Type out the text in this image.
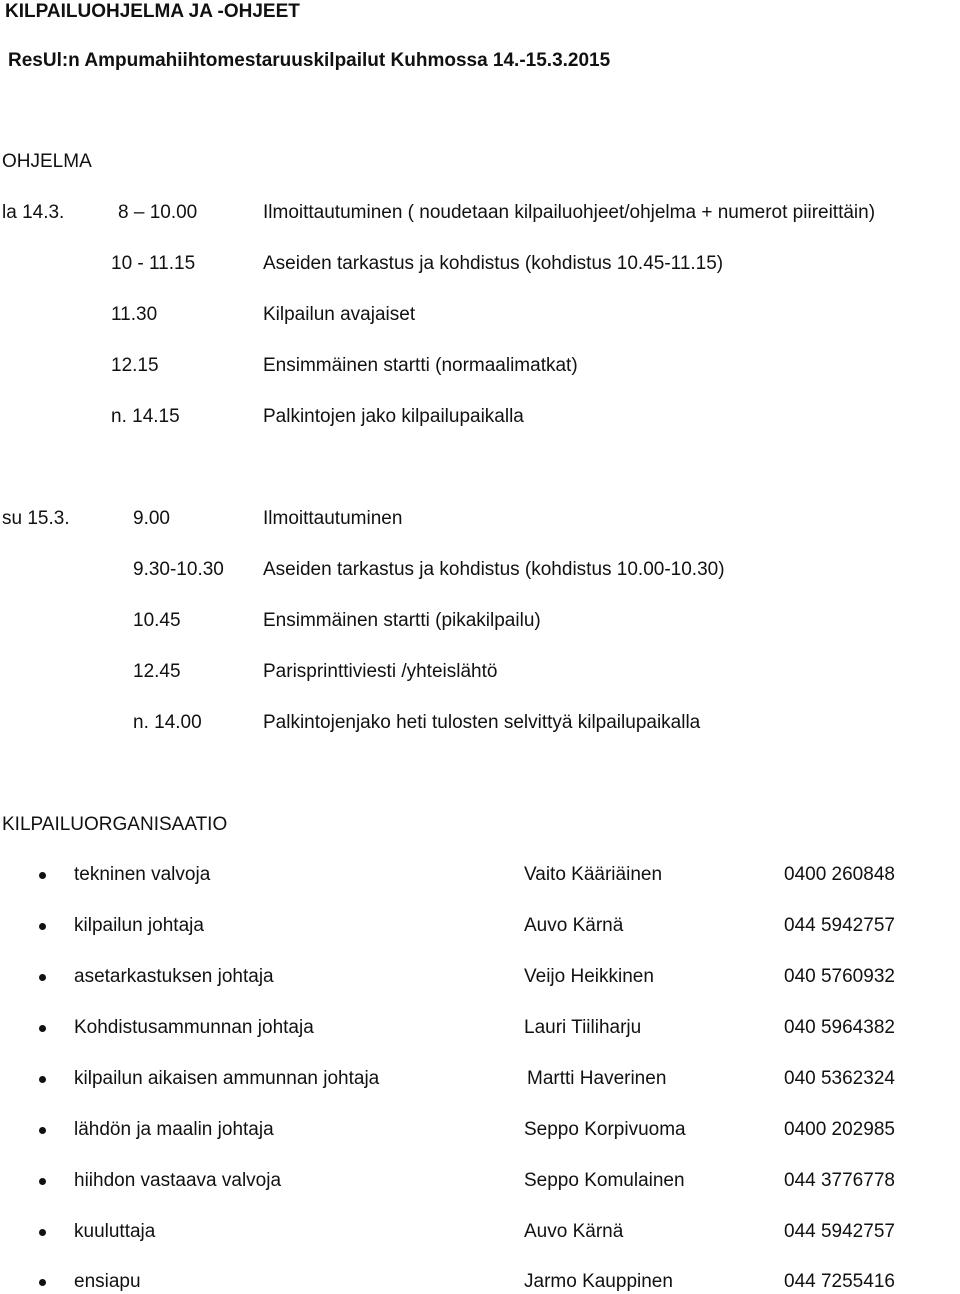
KILPAILUOHJELMA JA -OHJEET
ResUl:n Ampumahiihtomestaruuskilpailut Kuhmossa 14.-15.3.2015
OHJELMA
la 14.3.	8 – 10.00	Ilmoittautuminen ( noudetaan kilpailuohjeet/ohjelma + numerot piireittäin)
10 - 11.15	Aseiden tarkastus ja kohdistus (kohdistus 10.45-11.15)
11.30	Kilpailun avajaiset
12.15	Ensimmäinen startti (normaalimatkat)
n. 14.15	Palkintojen jako kilpailupaikalla
su 15.3.	9.00	Ilmoittautuminen
9.30-10.30 Aseiden tarkastus ja kohdistus (kohdistus 10.00-10.30)
10.45	Ensimmäinen startti (pikakilpailu)
12.45	Parisprinttiviesti /yhteislähtö
n. 14.00	Palkintojenjako heti tulosten selvittyä kilpailupaikalla
KILPAILUORGANISAATIO
tekninen valvoja	Vaito Kääriäinen	0400 260848
kilpailun johtaja	Auvo Kärnä	044 5942757
asetarkastuksen johtaja	Veijo Heikkinen	040 5760932
Kohdistusammunnan johtaja	Lauri Tiiliharju	040 5964382
kilpailun aikaisen ammunnan johtaja	Martti Haverinen	040 5362324
lähdön ja maalin johtaja	Seppo Korpivuoma	0400 202985
hiihdon vastaava valvoja	Seppo Komulainen	044 3776778
kuuluttaja	Auvo Kärnä	044 5942757
ensiapu	Jarmo Kauppinen	044 7255416
